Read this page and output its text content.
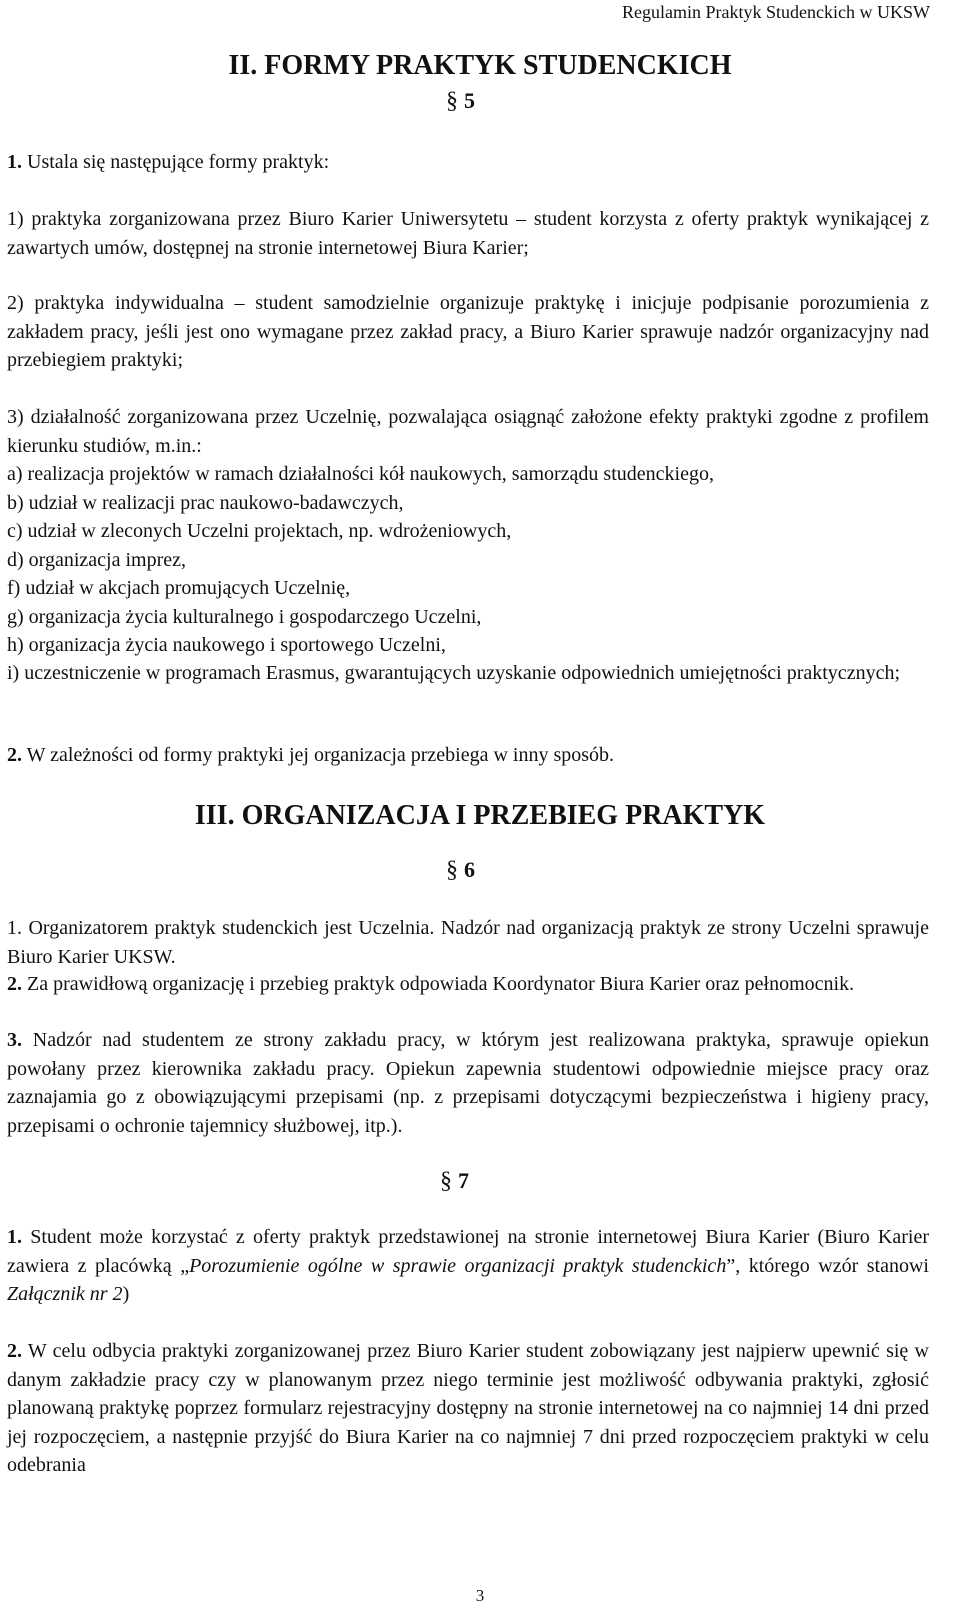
Regulamin Praktyk Studenckich w UKSW
II. FORMY PRAKTYK STUDENCKICH
§ 5
1. Ustala się następujące formy praktyk:
1) praktyka zorganizowana przez Biuro Karier Uniwersytetu – student korzysta z oferty praktyk wynikającej z zawartych umów, dostępnej na stronie internetowej Biura Karier;
2) praktyka indywidualna – student samodzielnie organizuje praktykę i inicjuje podpisanie porozumienia z zakładem pracy, jeśli jest ono wymagane przez zakład pracy, a Biuro Karier sprawuje nadzór organizacyjny nad przebiegiem praktyki;
3) działalność zorganizowana przez Uczelnię, pozwalająca osiągnąć założone efekty praktyki zgodne z profilem kierunku studiów, m.in.:
a) realizacja projektów w ramach działalności kół naukowych, samorządu studenckiego,
b) udział w realizacji prac naukowo-badawczych,
c) udział w zleconych Uczelni projektach, np. wdrożeniowych,
d) organizacja imprez,
f) udział w akcjach promujących Uczelnię,
g) organizacja życia kulturalnego i gospodarczego Uczelni,
h) organizacja życia naukowego i sportowego Uczelni,
i) uczestniczenie w programach Erasmus, gwarantujących uzyskanie odpowiednich umiejętności praktycznych;
2. W zależności od formy praktyki jej organizacja przebiega w inny sposób.
III. ORGANIZACJA I PRZEBIEG PRAKTYK
§ 6
1. Organizatorem praktyk studenckich jest Uczelnia. Nadzór nad organizacją praktyk ze strony Uczelni sprawuje Biuro Karier UKSW.
2. Za prawidłową organizację i przebieg praktyk odpowiada Koordynator Biura Karier oraz pełnomocnik.
3. Nadzór nad studentem ze strony zakładu pracy, w którym jest realizowana praktyka, sprawuje opiekun powołany przez kierownika zakładu pracy. Opiekun zapewnia studentowi odpowiednie miejsce pracy oraz zaznajamia go z obowiązującymi przepisami (np. z przepisami dotyczącymi bezpieczeństwa i higieny pracy, przepisami o ochronie tajemnicy służbowej, itp.).
§ 7
1. Student może korzystać z oferty praktyk przedstawionej na stronie internetowej Biura Karier (Biuro Karier zawiera z placówką „Porozumienie ogólne w sprawie organizacji praktyk studenckich”, którego wzór stanowi Załącznik nr 2)
2. W celu odbycia praktyki zorganizowanej przez Biuro Karier student zobowiązany jest najpierw upewnić się w danym zakładzie pracy czy w planowanym przez niego terminie jest możliwość odbywania praktyki, zgłosić planowaną praktykę poprzez formularz rejestracyjny dostępny na stronie internetowej na co najmniej 14 dni przed jej rozpoczęciem, a następnie przyjść do Biura Karier na co najmniej 7 dni przed rozpoczęciem praktyki w celu odebrania
3
